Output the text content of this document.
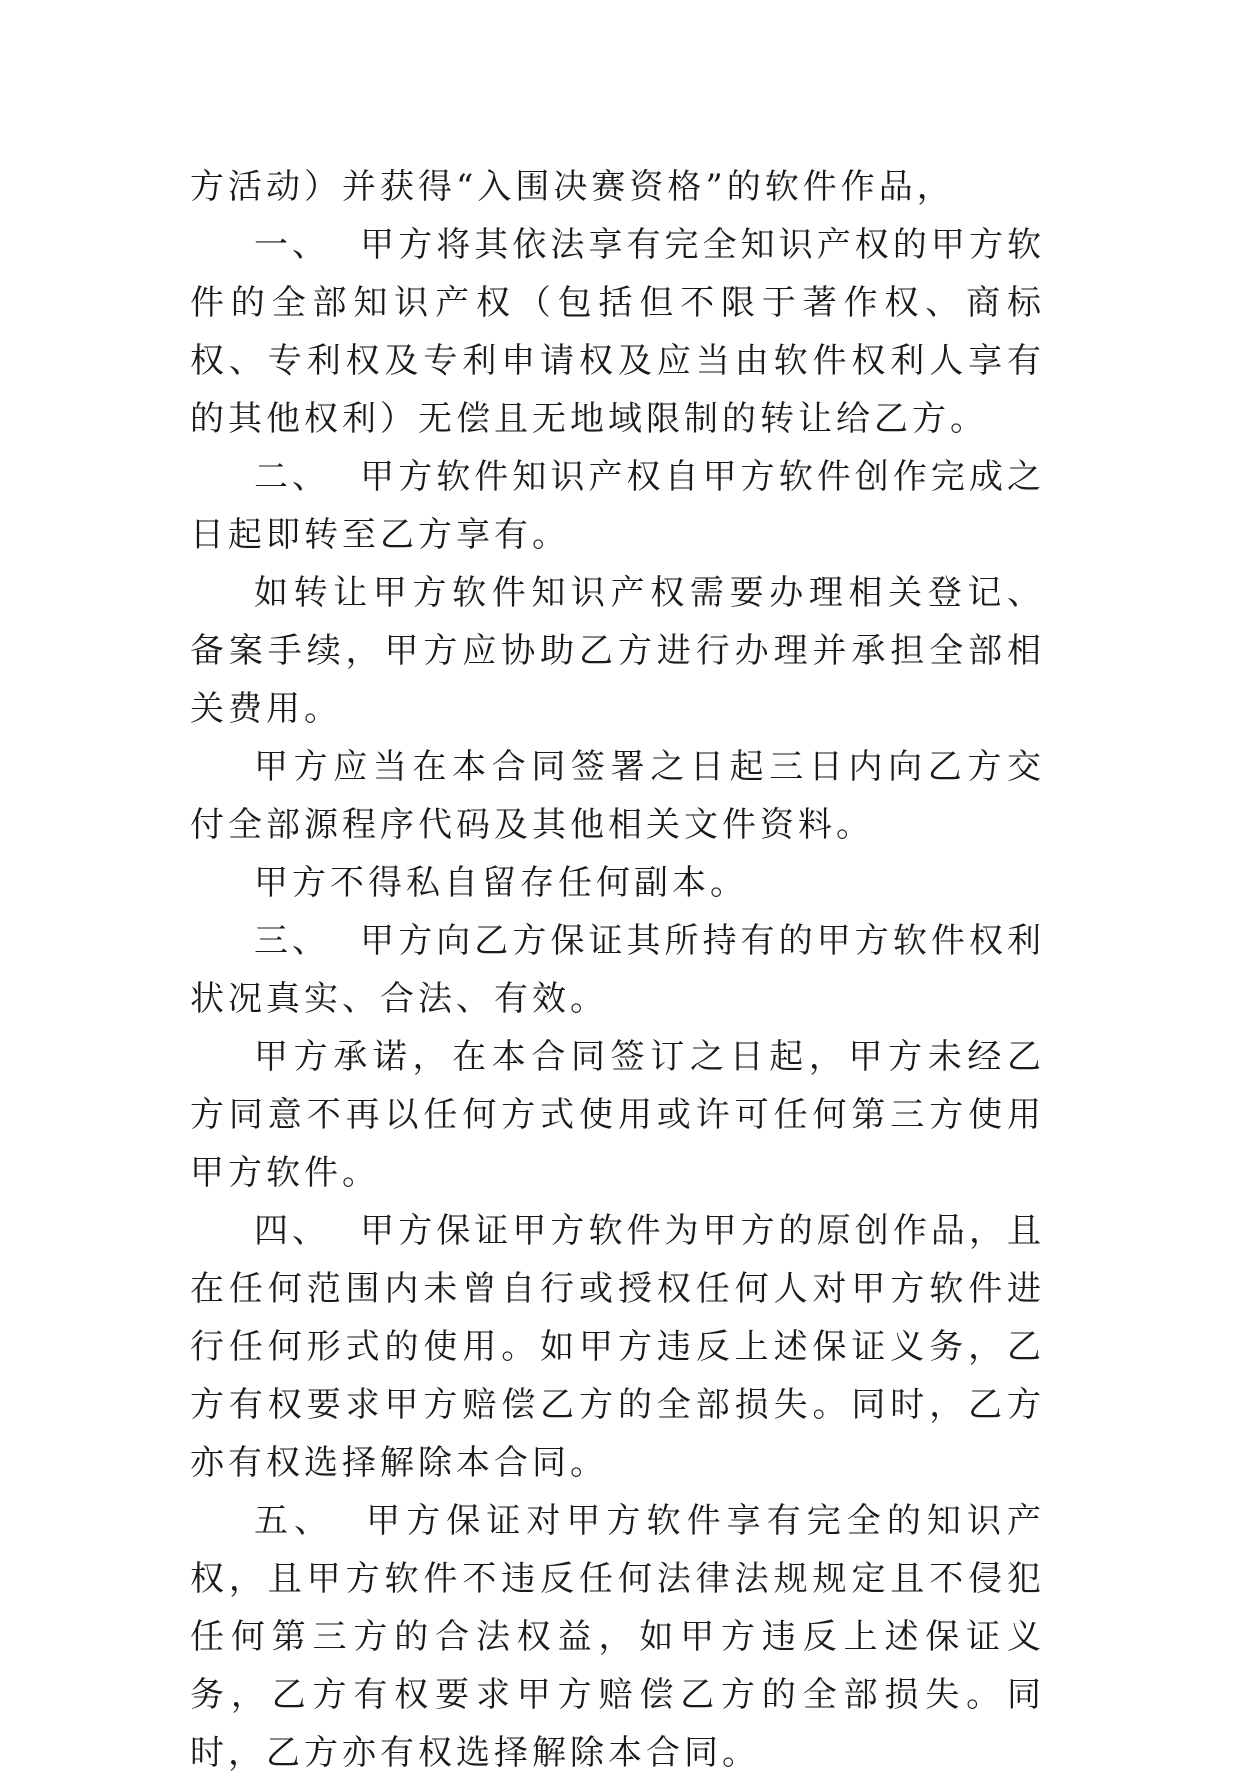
方活动）并获得“入围决赛资格”的软件作品，

一、 甲方将其依法享有完全知识产权的甲方软件的全部知识产权（包括但不限于著作权、商标权、专利权及专利申请权及应当由软件权利人享有的其他权利）无偿且无地域限制的转让给乙方。

二、 甲方软件知识产权自甲方软件创作完成之日起即转至乙方享有。

如转让甲方软件知识产权需要办理相关登记、备案手续，甲方应协助乙方进行办理并承担全部相关费用。

甲方应当在本合同签署之日起三日内向乙方交付全部源程序代码及其他相关文件资料。

甲方不得私自留存任何副本。

三、 甲方向乙方保证其所持有的甲方软件权利状况真实、合法、有效。

甲方承诺，在本合同签订之日起，甲方未经乙方同意不再以任何方式使用或许可任何第三方使用甲方软件。

四、 甲方保证甲方软件为甲方的原创作品，且在任何范围内未曾自行或授权任何人对甲方软件进行任何形式的使用。如甲方违反上述保证义务，乙方有权要求甲方赔偿乙方的全部损失。同时，乙方亦有权选择解除本合同。

五、 甲方保证对甲方软件享有完全的知识产权，且甲方软件不违反任何法律法规规定且不侵犯任何第三方的合法权益，如甲方违反上述保证义务，乙方有权要求甲方赔偿乙方的全部损失。同时，乙方亦有权选择解除本合同。
